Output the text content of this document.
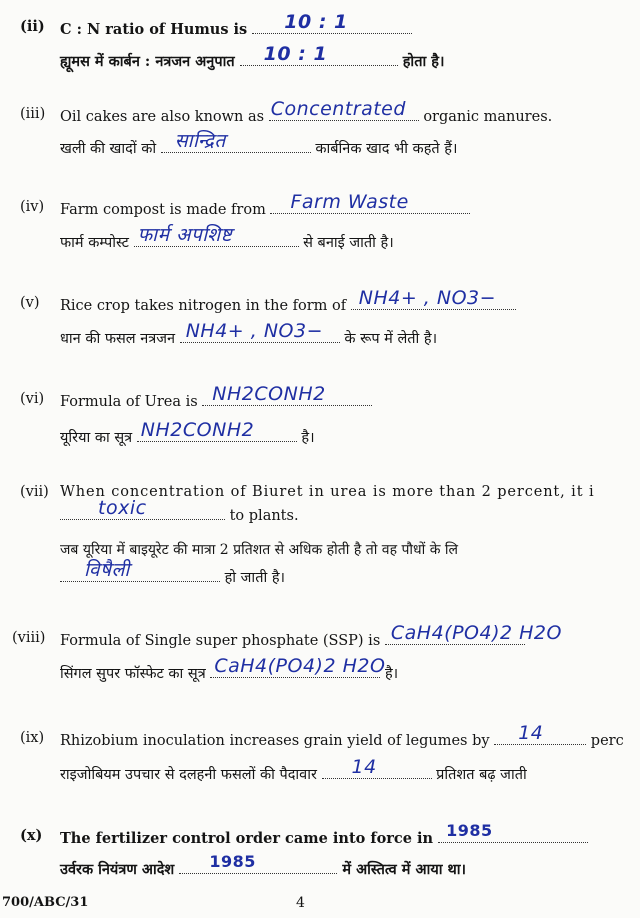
(ii) C : N ratio of Humus is 10 : 1
ह्यूमस में कार्बन : नत्रजन अनुपात 10 : 1	होता है।
(iii) Oil cakes are also known as Concentrated organic manures.
खली की खादों को सान्द्रित	कार्बनिक खाद भी कहते हैं।
(iv) Farm compost is made from Farm Waste
फार्म कम्पोस्ट फार्म अपशिष्ट	से बनाई जाती है।
(v) Rice crop takes nitrogen in the form of NH4+ , NO3−
धान की फसल नत्रजन NH4+ , NO3− के रूप में लेती है।
(vi) Formula of Urea is NH2CONH2
यूरिया का सूत्र NH2CONH2	है।
(vii) When concentration of Biuret in urea is more than 2 percent, it i
toxic	to plants.
जब यूरिया में बाइयूरेट की मात्रा 2 प्रतिशत से अधिक होती है तो वह पौधों के लि
विषैली	हो जाती है।
(viii) Formula of Single super phosphate (SSP) is CaH4(PO4)2 H2O
सिंगल सुपर फॉस्फेट का सूत्र CaH4(PO4)2 H2O है।
(ix) Rhizobium inoculation increases grain yield of legumes by 14	perc
राइजोबियम उपचार से दलहनी फसलों की पैदावार 14	प्रतिशत बढ़ जाती
(x) The fertilizer control order came into force in 1985
उर्वरक नियंत्रण आदेश 1985	में अस्तित्व में आया था।
700/ABC/31	4
